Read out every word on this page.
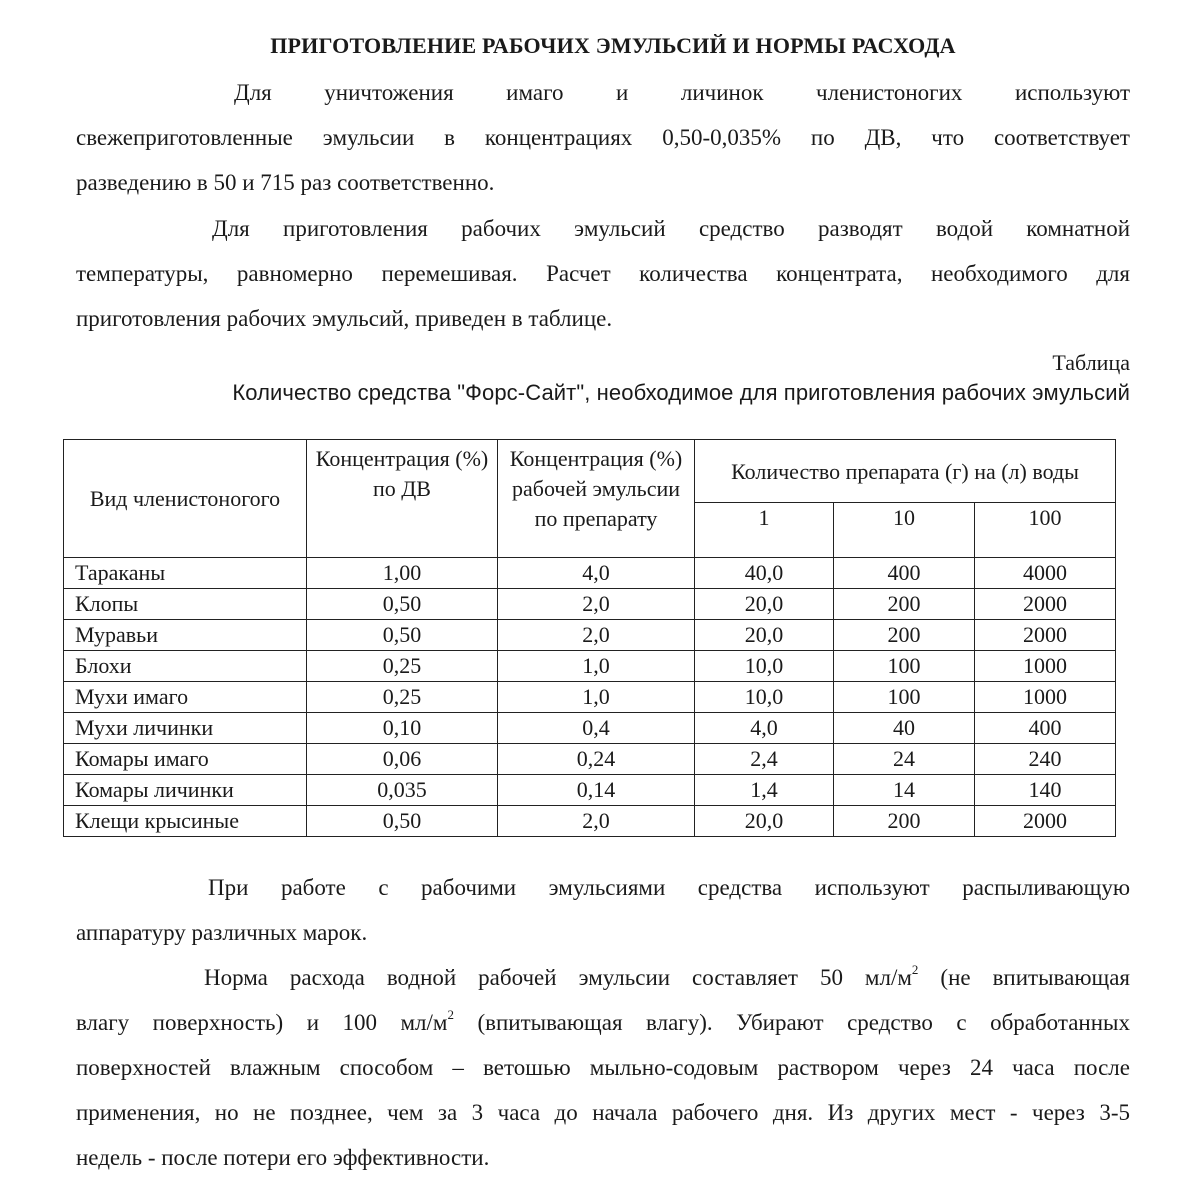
ПРИГОТОВЛЕНИЕ РАБОЧИХ ЭМУЛЬСИЙ И НОРМЫ РАСХОДА
Для уничтожения имаго и личинок членистоногих используют
свежеприготовленные эмульсии в концентрациях 0,50-0,035% по ДВ, что соответствует
разведению в 50 и 715 раз соответственно.
Для приготовления рабочих эмульсий средство разводят водой комнатной
температуры, равномерно перемешивая. Расчет количества концентрата, необходимого для
приготовления рабочих эмульсий, приведен в таблице.
Таблица
Количество средства "Форс-Сайт", необходимое для приготовления рабочих эмульсий
Вид членистоногого	Концентрация (%) по ДВ	Концентрация (%) рабочей эмульсии по препарату	Количество препарата (г) на (л) воды		
			1	10	100
Тараканы	1,00	4,0	40,0	400	4000
Клопы	0,50	2,0	20,0	200	2000
Муравьи	0,50	2,0	20,0	200	2000
Блохи	0,25	1,0	10,0	100	1000
Мухи имаго	0,25	1,0	10,0	100	1000
Мухи личинки	0,10	0,4	4,0	40	400
Комары имаго	0,06	0,24	2,4	24	240
Комары личинки	0,035	0,14	1,4	14	140
Клещи крысиные	0,50	2,0	20,0	200	2000
При работе с рабочими эмульсиями средства используют распыливающую
аппаратуру различных марок.
Норма расхода водной рабочей эмульсии составляет 50 $мл/м^2$ (не впитывающая
влагу поверхность) и 100 $мл/м^2$ (впитывающая влагу). Убирают средство с обработанных
поверхностей влажным способом – ветошью мыльно-содовым раствором через 24 часа после
применения, но не позднее, чем за 3 часа до начала рабочего дня. Из других мест - через 3-5
недель - после потери его эффективности.
